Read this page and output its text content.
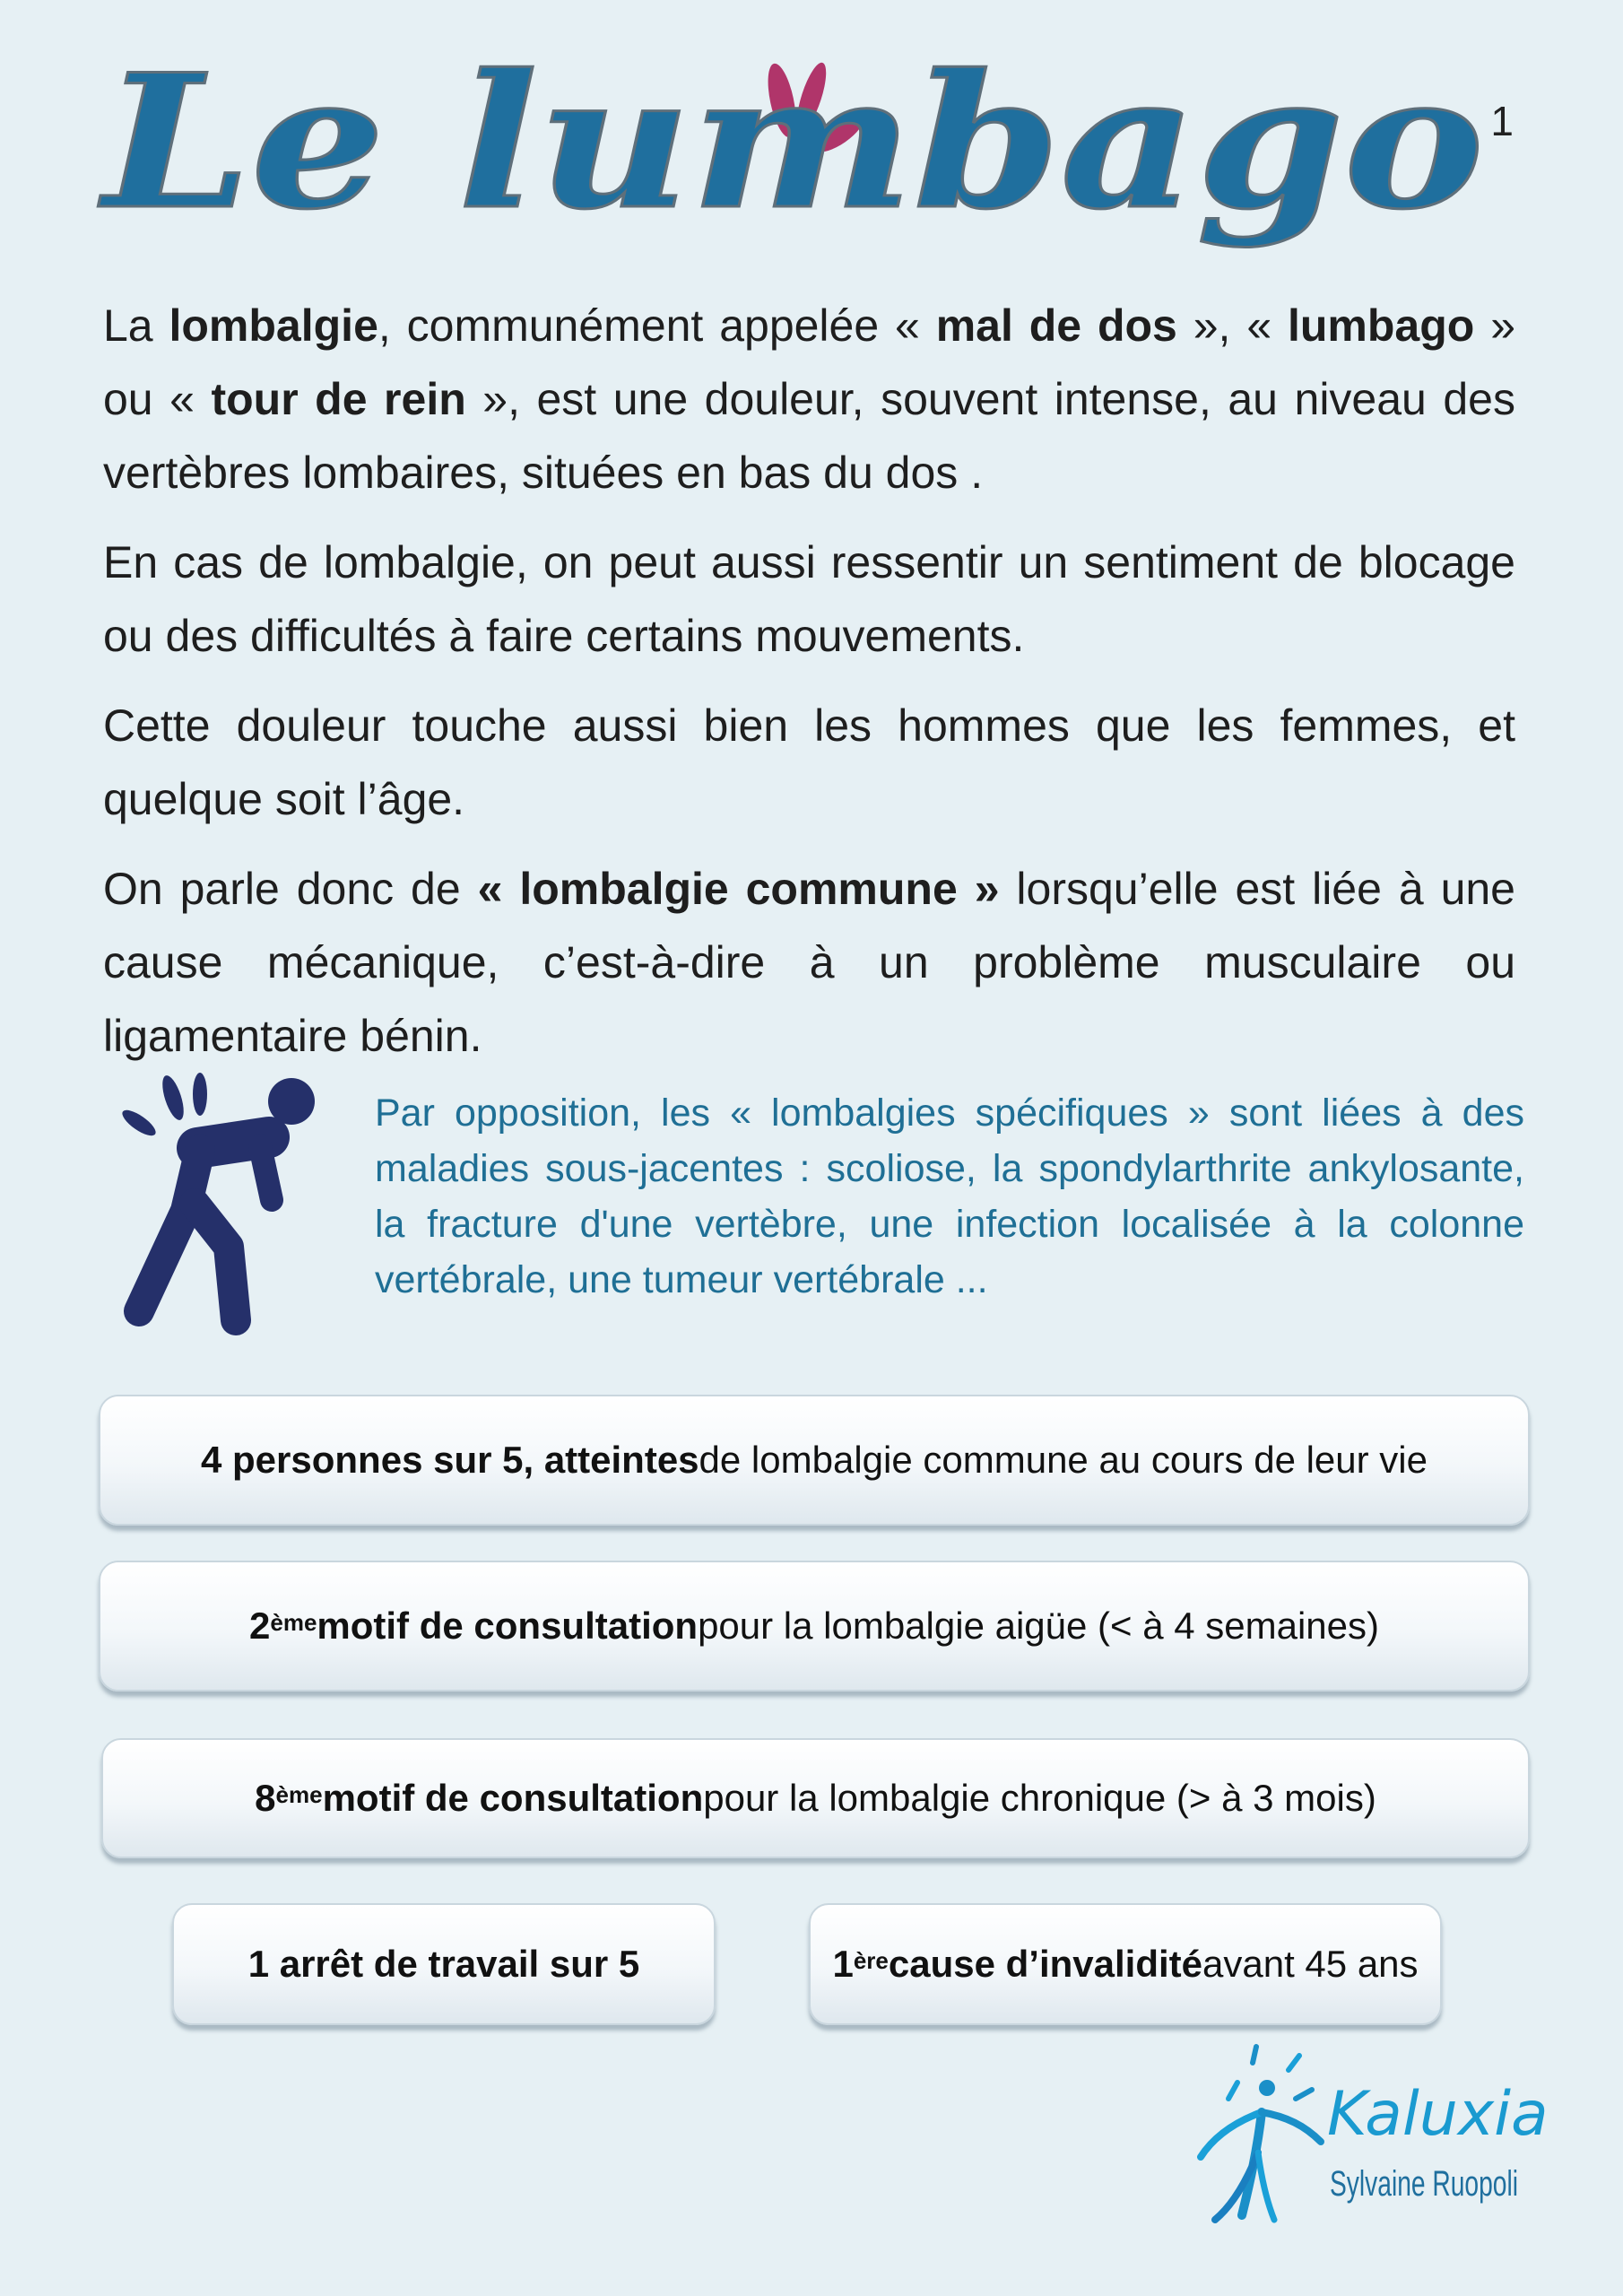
Le lumbago 1

La lombalgie, communément appelée « mal de dos », « lumbago » ou « tour de rein », est une douleur, souvent intense, au niveau des vertèbres lombaires, situées en bas du dos .

En cas de lombalgie, on peut aussi ressentir un sentiment de blocage ou des difficultés à faire certains mouvements.

Cette douleur touche aussi bien les hommes que les femmes, et quelque soit l’âge.

On parle donc de « lombalgie commune » lorsqu’elle est liée à une cause mécanique, c’est-à-dire à un problème musculaire ou ligamentaire bénin.

Par opposition, les « lombalgies spécifiques » sont liées à des maladies sous-jacentes : scoliose, la spondylarthrite ankylosante, la fracture d'une vertèbre, une infection localisée à la colonne vertébrale, une tumeur vertébrale ...

4 personnes sur 5, atteintes de lombalgie commune au cours de leur vie
2ème motif de consultation pour la lombalgie aigüe (< à 4 semaines)
8ème motif de consultation pour la lombalgie chronique (> à 3 mois)
1 arrêt de travail sur 5	1ère cause d’invalidité avant 45 ans
Kaluxia
Sylvaine Ruopoli
